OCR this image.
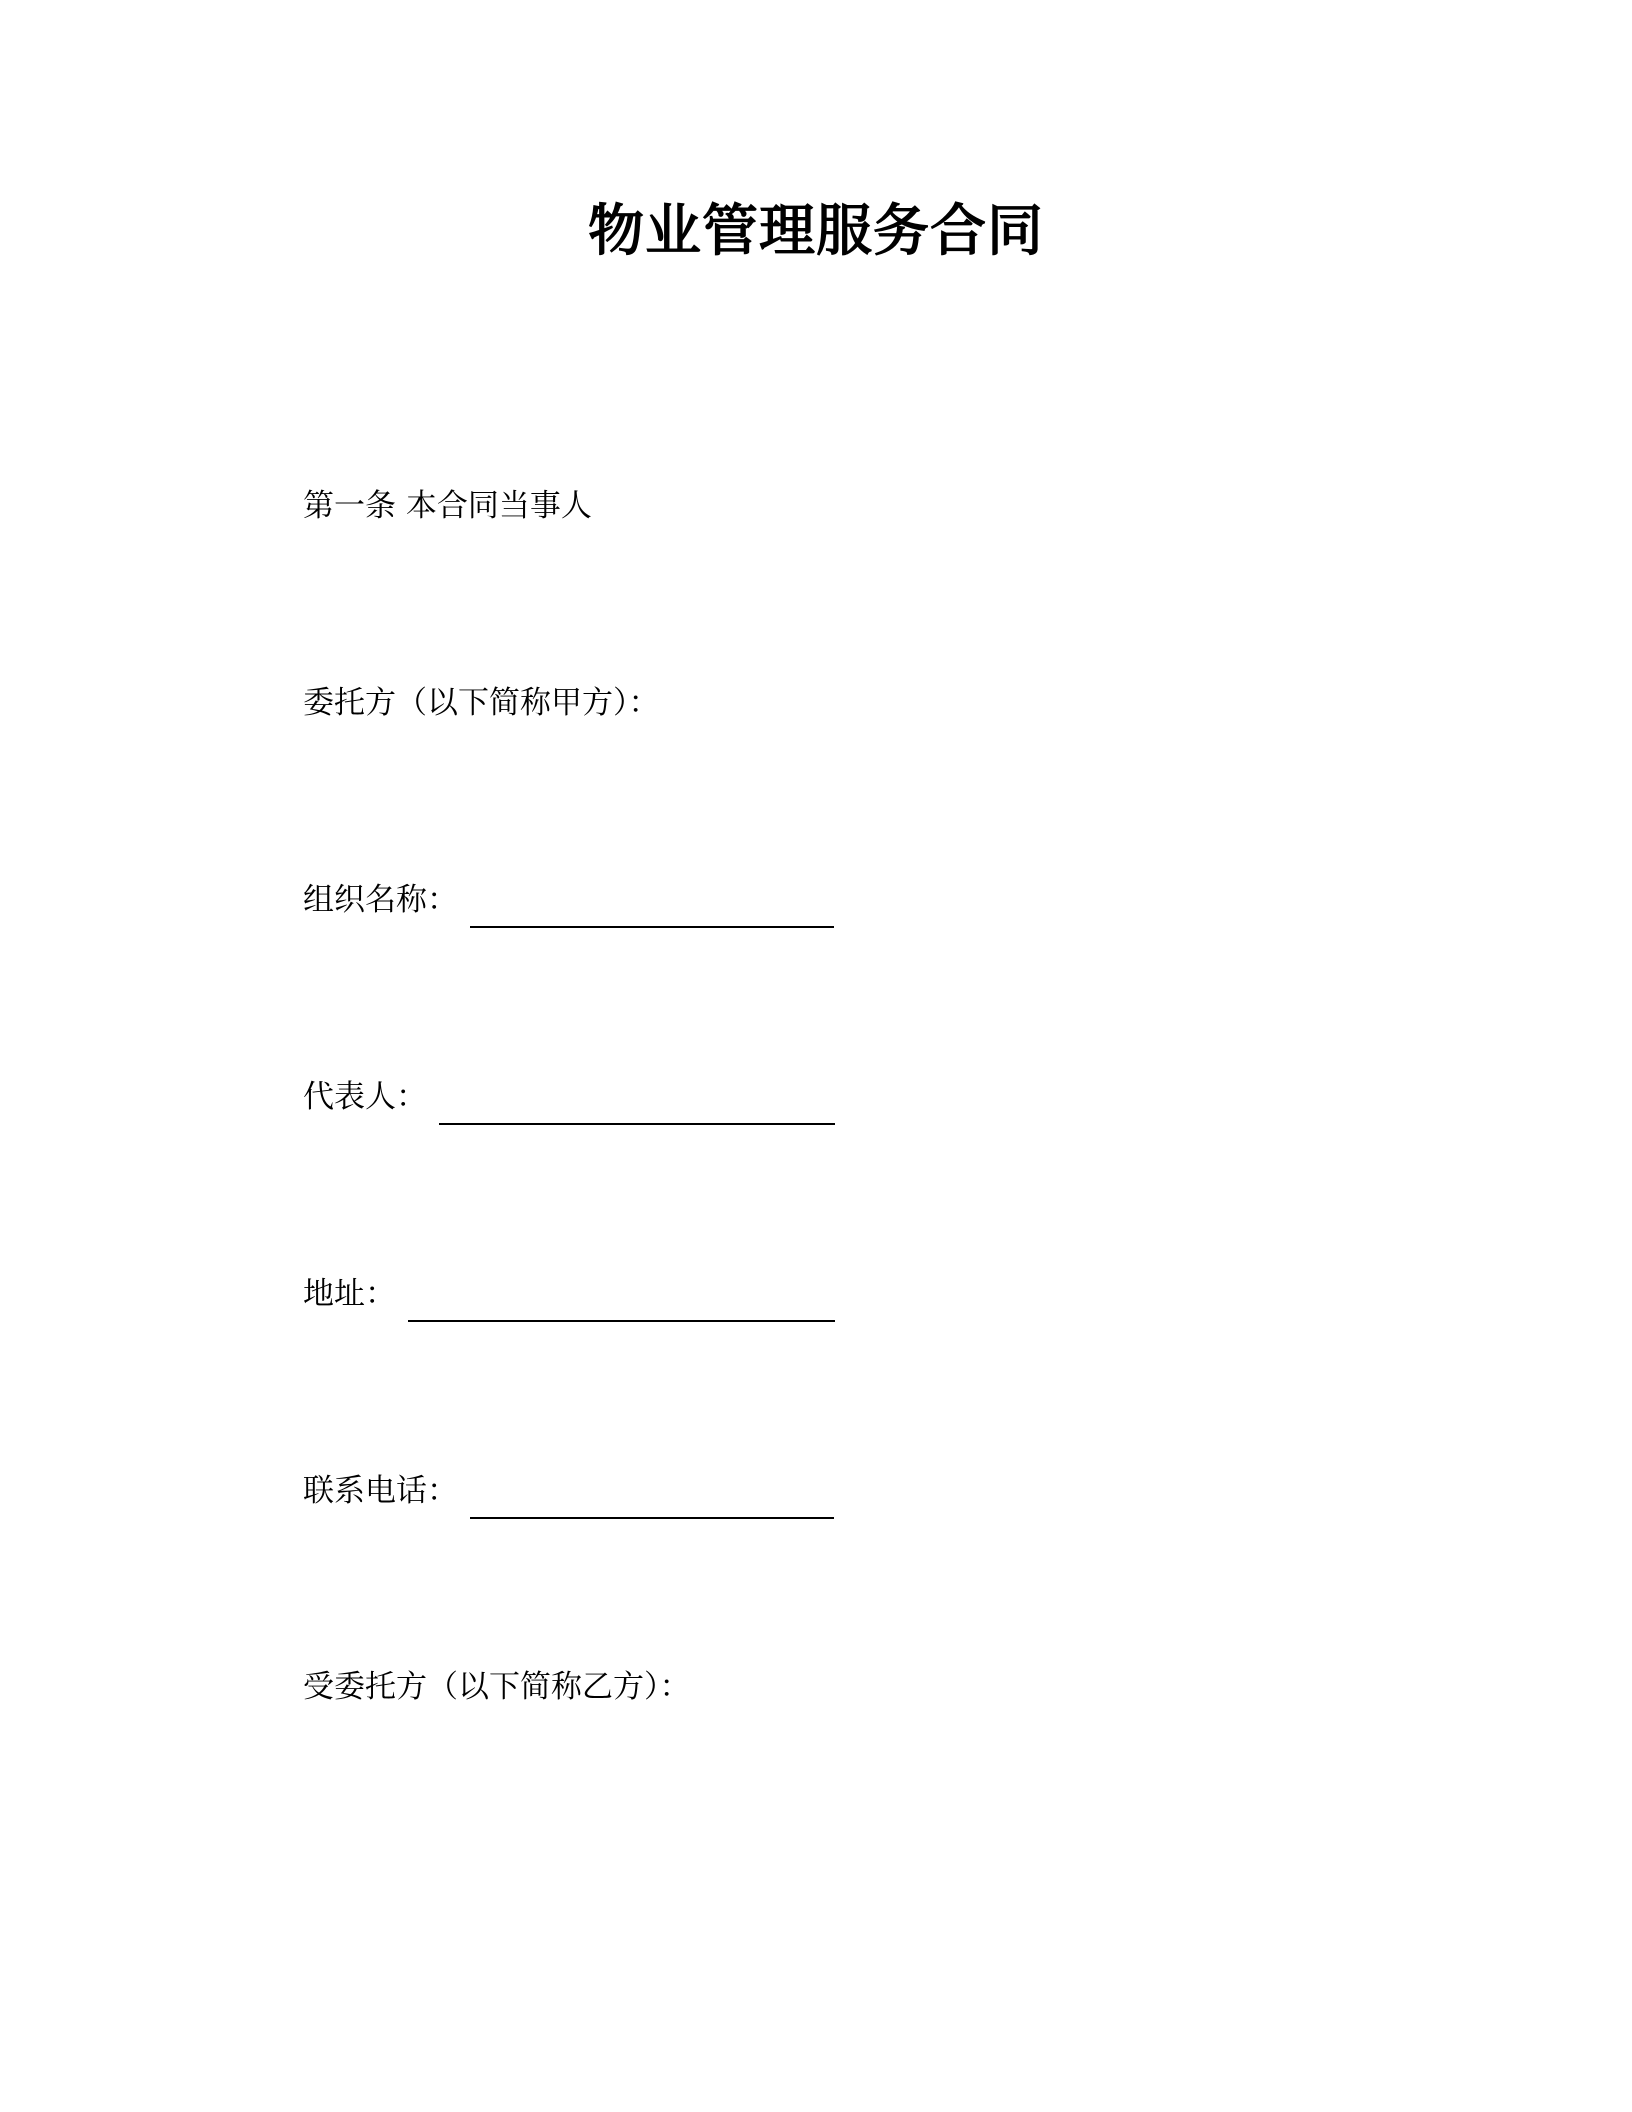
物业管理服务合同
第一条 本合同当事人
委托方（以下简称甲方）：
组织名称：
代表人：
地址：
联系电话：
受委托方（以下简称乙方）：
